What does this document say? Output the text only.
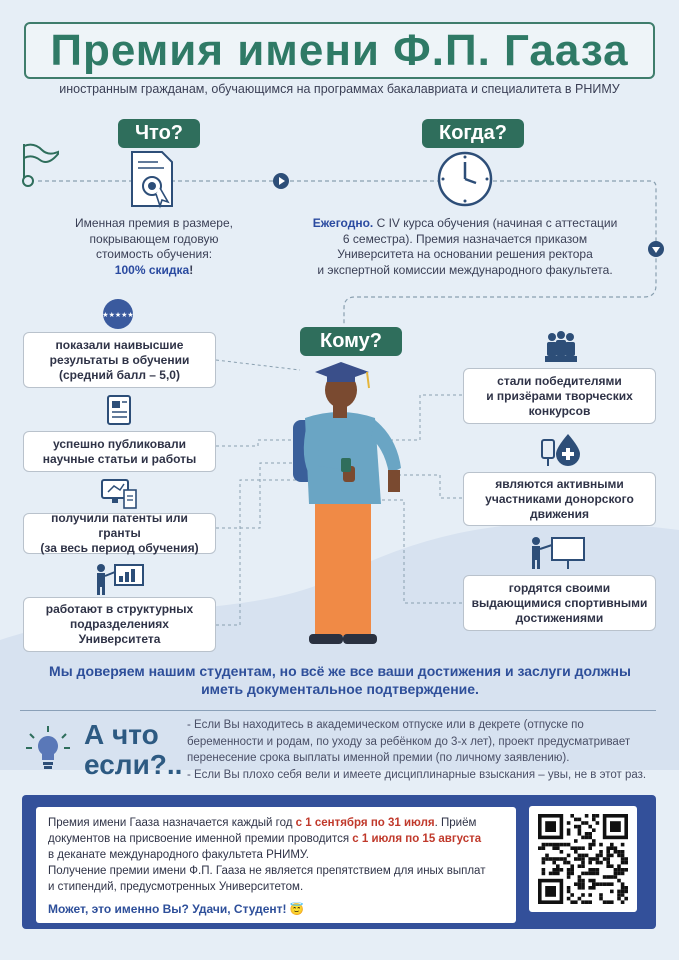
Премия имени Ф.П. Гааза
иностранным гражданам, обучающимся на программах бакалавриата и специалитета в РНИМУ
Что?
Именная премия в размере,
покрывающем годовую
стоимость обучения:
100% скидка!
Когда?
Ежегодно. С IV курса обучения (начиная с аттестации
6 семестра). Премия назначается приказом
Университета на основании решения ректора
и экспертной комиссии международного факультета.
Кому?
★★★★★
показали наивысшие
результаты в обучении
(средний балл – 5,0)
успешно публиковали
научные статьи и работы
получили патенты или гранты
(за весь период обучения)
работают в структурных
подразделениях Университета
стали победителями
и призёрами творческих
конкурсов
являются активными
участниками донорского
движения
гордятся своими
выдающимися спортивными
достижениями
Мы доверяем нашим студентам, но всё же все ваши достижения и заслуги должны
иметь документальное подтверждение.
А что
если?..
- Если Вы находитесь в академическом отпуске или в декрете (отпуске по
беременности и родам, по уходу за ребёнком до 3-х лет), проект предусматривает
перенесение срока выплаты именной премии (по личному заявлению).
- Если Вы плохо себя вели и имеете дисциплинарные взыскания – увы, не в этот раз.
Премия имени Гааза назначается каждый год с 1 сентября по 31 июля. Приём
документов на присвоение именной премии проводится с 1 июля по 15 августа
в деканате международного факультета РНИМУ.
Получение премии имени Ф.П. Гааза не является препятствием для иных выплат
и стипендий, предусмотренных Университетом.
Может, это именно Вы? Удачи, Студент! 😇
